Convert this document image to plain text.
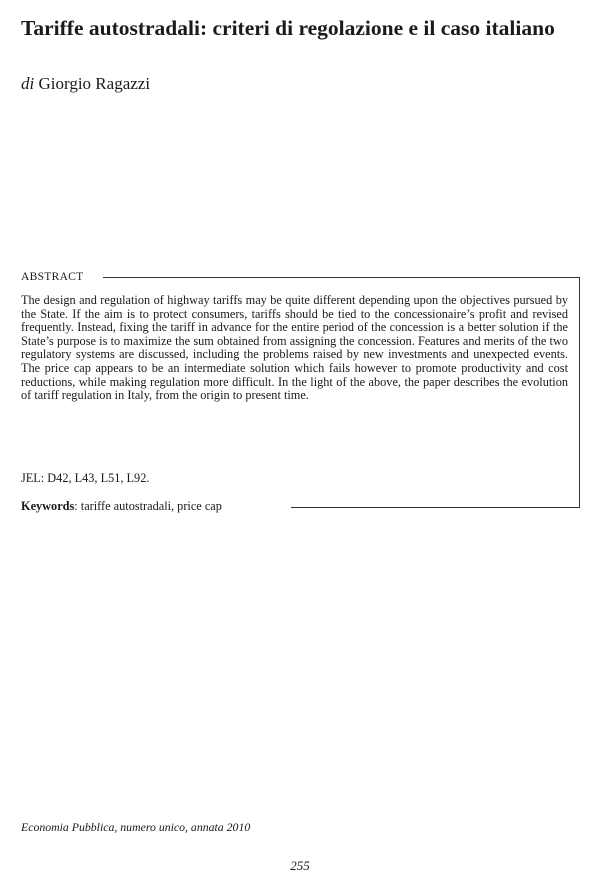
Tariffe autostradali: criteri di regolazione e il caso italiano
di Giorgio Ragazzi
ABSTRACT

The design and regulation of highway tariffs may be quite different depending upon the objectives pursued by the State. If the aim is to protect consumers, tariffs should be tied to the concessionaire’s profit and revised frequently. Instead, fixing the tariff in advance for the entire period of the concession is a better solution if the State’s purpose is to maximize the sum obtained from assigning the concession. Features and merits of the two regulatory systems are discussed, including the problems raised by new investments and unexpected events. The price cap appears to be an intermediate solution which fails however to promote productivity and cost reductions, while making regulation more difficult. In the light of the above, the paper describes the evolution of tariff regulation in Italy, from the origin to present time.

JEL: D42, L43, L51, L92.
Keywords: tariffe autostradali, price cap
Economia Pubblica, numero unico, annata 2010
255
